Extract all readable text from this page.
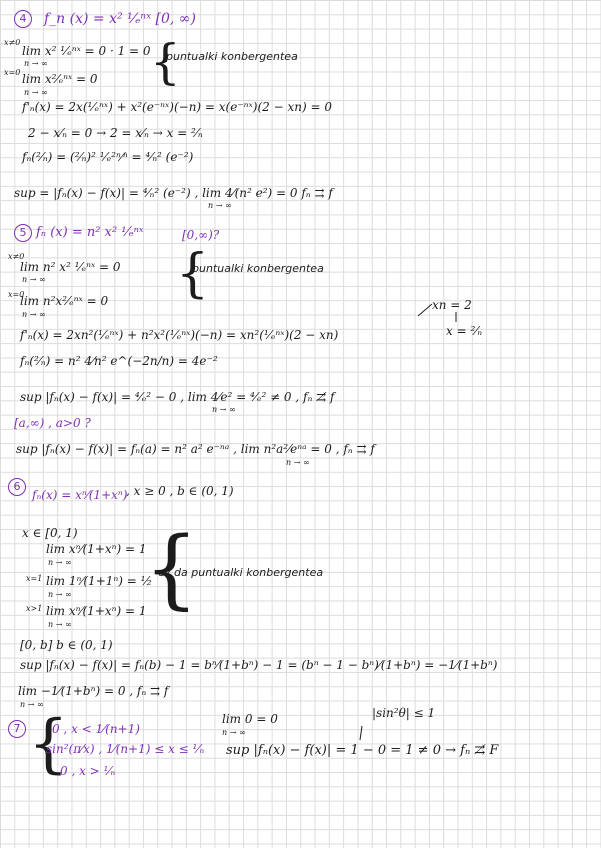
4	f_n (x) = x² ¹⁄ₑⁿˣ [0, ∞)
x≠0
lim x² ¹⁄ₑⁿˣ = 0 · 1 = 0
n → ∞
x=0 lim x²⁄ₑⁿˣ = 0
n → ∞
{
puntualki konbergentea
f'ₙ(x) = 2x(¹⁄ₑⁿˣ) + x²(e⁻ⁿˣ)(−n) = x(e⁻ⁿˣ)(2 − xn) = 0
2 − x⁄ₙ = 0 → 2 = x⁄ₙ → x = ²⁄ₙ
fₙ(²⁄ₙ) = (²⁄ₙ)² ¹⁄ₑ²ⁿ⁄ⁿ = ⁴⁄ₙ² (e⁻²)
sup = |fₙ(x) − f(x)| = ⁴⁄ₙ² (e⁻²) , lim 4⁄(n² e²) = 0 fₙ ⇉ f
n → ∞
5 fₙ (x) = n² x² ¹⁄ₑⁿˣ	[0,∞)?
x≠0
lim n² x² ¹⁄ₑⁿˣ = 0
n → ∞
x=0
lim n²x²⁄ₑⁿˣ = 0
n → ∞
{
puntualki konbergentea
xn = 2
x = ²⁄ₙ
f'ₙ(x) = 2xn²(¹⁄ₑⁿˣ) + n²x²(¹⁄ₑⁿˣ)(−n) = xn²(¹⁄ₑⁿˣ)(2 − xn)
fₙ(²⁄ₙ) = n² 4⁄n² e^(−2n/n) = 4e⁻²
sup |fₙ(x) − f(x)| = ⁴⁄ₑ² − 0 , lim 4⁄e² = ⁴⁄ₑ² ≠ 0 , fₙ ⇉̸ f
n → ∞
[a,∞) , a>0 ?
sup |fₙ(x) − f(x)| = fₙ(a) = n² a² e⁻ⁿᵃ , lim n²a²⁄eⁿᵃ = 0 , fₙ ⇉ f
n → ∞
6
fₙ(x) = xⁿ⁄(1+xⁿ)
, x ≥ 0 , b ∈ (0, 1)
x ∈ [0, 1)
lim xⁿ⁄(1+xⁿ) = 1
n → ∞
x=1 lim 1ⁿ⁄(1+1ⁿ) = ½
n → ∞
x>1 lim xⁿ⁄(1+xⁿ) = 1
n → ∞
{
ez da puntualki konbergentea
[0, b] b ∈ (0, 1)
sup |fₙ(x) − f(x)| = fₙ(b) − 1 = bⁿ⁄(1+bⁿ) − 1 = (bⁿ − 1 − bⁿ)⁄(1+bⁿ) = −1⁄(1+bⁿ)
lim −1⁄(1+bⁿ) = 0 , fₙ ⇉ f
n → ∞
7 {
0 , x < 1⁄(n+1)
sin²(π⁄x) , 1⁄(n+1) ≤ x ≤ ¹⁄ₙ
0 , x > ¹⁄ₙ
lim 0 = 0
n → ∞
|sin²θ| ≤ 1
sup |fₙ(x) − f(x)| = 1 − 0 = 1 ≠ 0 → fₙ ⇉̸ F
